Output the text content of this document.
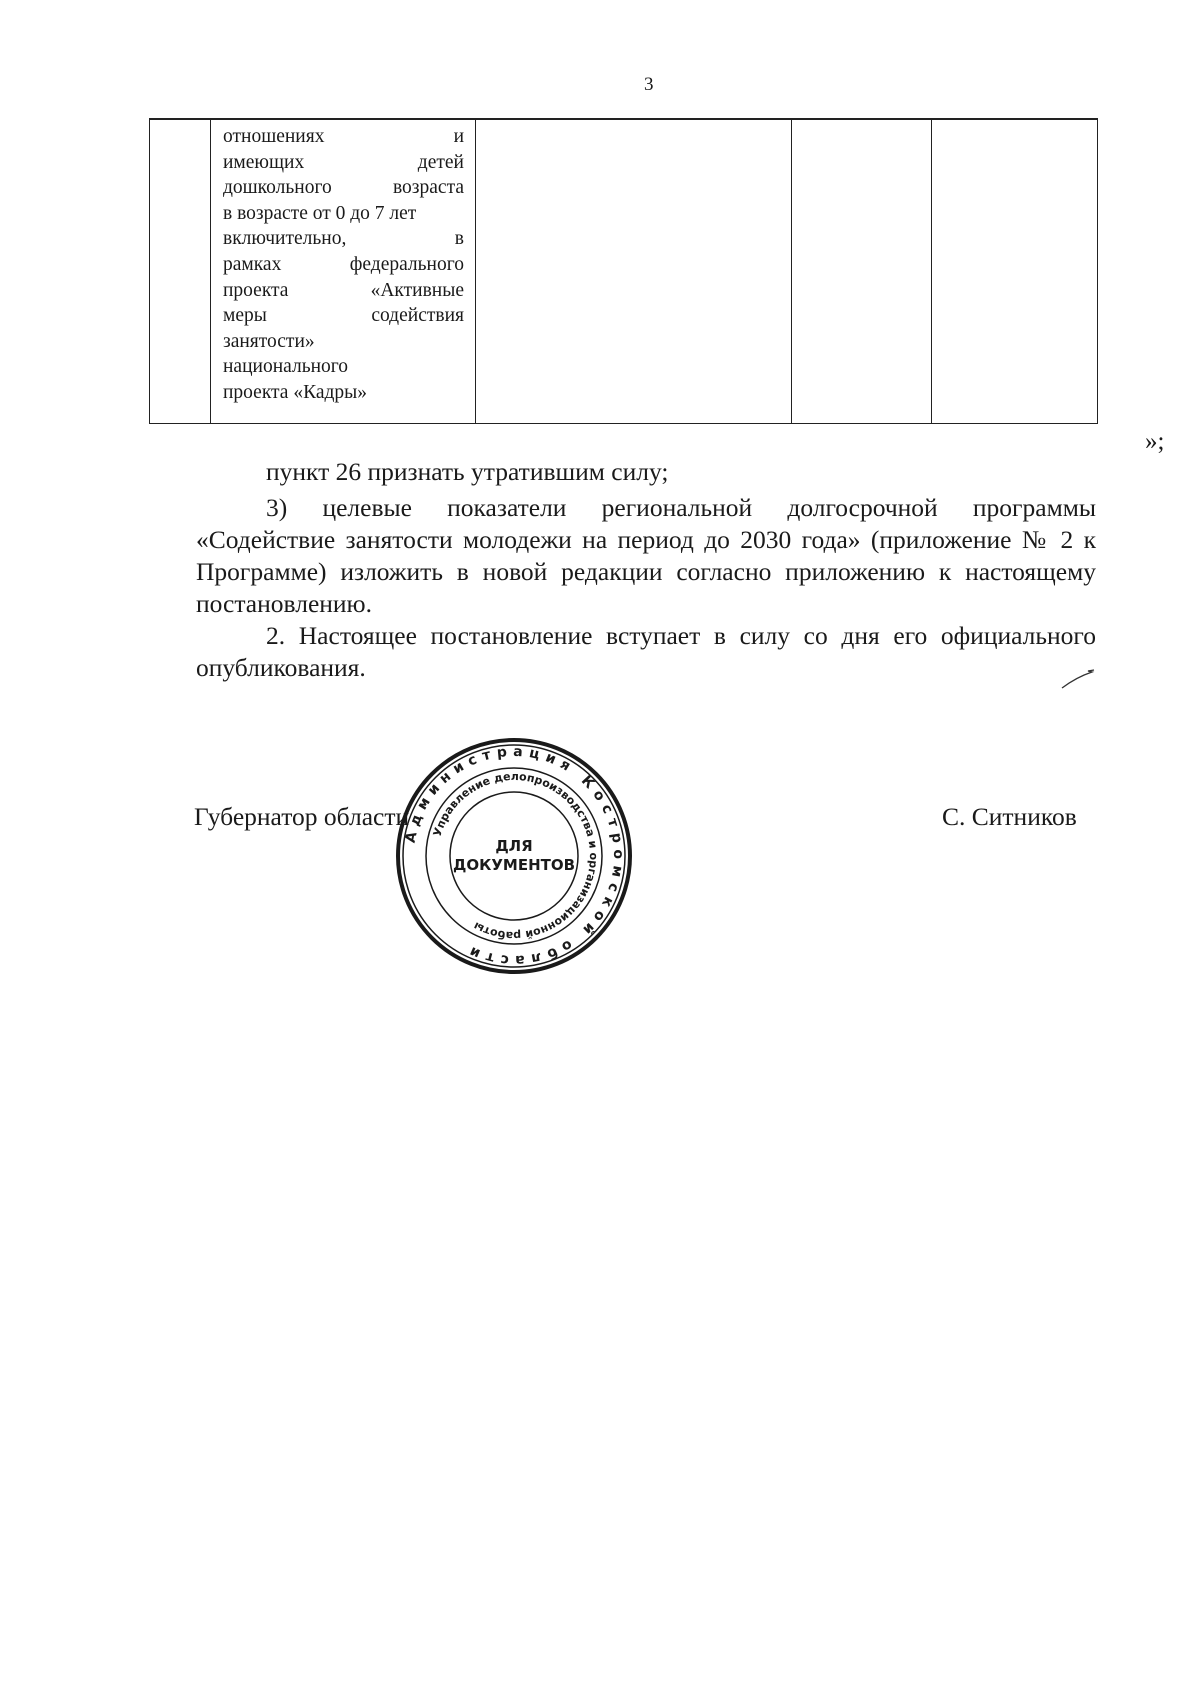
3

отношениях	и
имеющих	детей
дошкольного	возраста
в возрасте от 0 до 7 лет
включительно,	в
рамках	федерального
проекта	«Активные
меры	содействия
занятости»
национального
проекта «Кадры»

»;
пункт 26 признать утратившим силу;
3) целевые показатели региональной долгосрочной программы «Содействие занятости молодежи на период до 2030 года» (приложение № 2 к Программе) изложить в новой редакции согласно приложению к настоящему постановлению.
2. Настоящее постановление вступает в силу со дня его официального опубликования.
Губернатор области	С. Ситников
Администрация Костромской области
Управление делопроизводства и организационной работы
ДЛЯ
ДОКУМЕНТОВ
